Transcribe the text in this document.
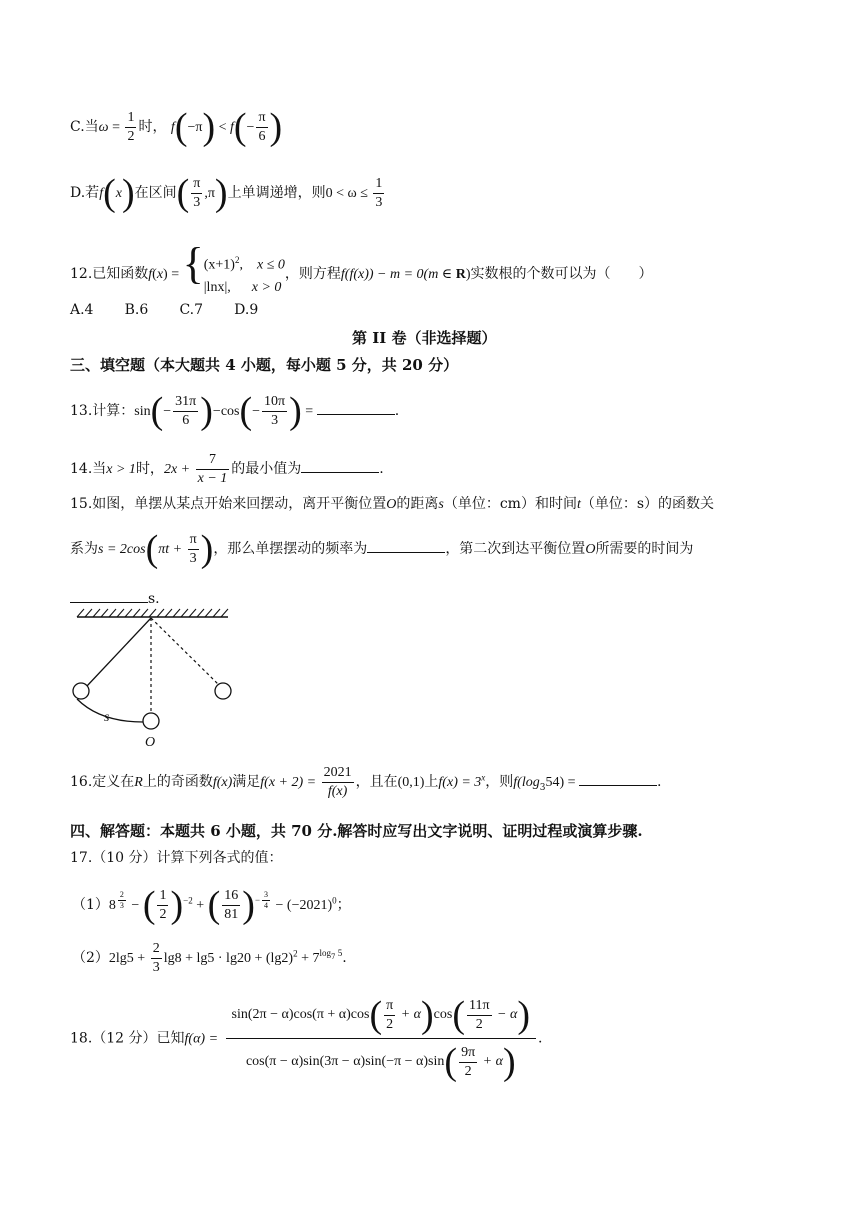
C.当$\omega = \frac{1}{2}$ 时， $f(-\pi) < f(- \frac{\pi}{6}$ )
D.若f(x)在区间( $\frac{\pi}{3} ,\pi$)上单调递增，则$0 < \omega \le \frac{1}{3}$
12.已知函数f(x) = { $(x+1)^2$,    x ≤ 0
|lnx|, x > 0
，则方程f(f(x)) − m = 0(m ∈ R)实数根的个数可以为（　　）
A.4 B.6 C.7 D.9
第 II 卷（非选择题）
三、填空题（本大题共 4 小题，每小题 5 分，共 20 分）
13.计算：$\sin(- \frac{31\pi}{6} )-\cos(- \frac{10\pi}{3}$ ) =	.
14.当x > 1时，$2x + \frac{7}{x - 1}$ 的最小值为	.
15.如图，单摆从某点开始来回摆动，离开平衡位置O的距离s（单位：cm）和时间t（单位：s）的函数关
系为$s = 2\cos(\pi t + \frac{\pi}{3}$ )，那么单摆摆动的频率为	，第二次到达平衡位置O所需要的时间为
s.
s
O
16.定义在R上的奇函数f(x)满足$f(x + 2) = \frac{2021}{f(x)}$ ，且在(0,1)上$f(x) = 3^x$，则$f(\log_354)$ =	.
四、解答题：本题共 6 小题，共 70 分.解答时应写出文字说明、证明过程或演算步骤.
17.（10 分）计算下列各式的值：
（1）8 $^{\frac{2}{3}}$ − ( $\frac{1}{2} )^{-2}$ + ( $\frac{16}{81} )^{- \frac{3}{4}} - (-2021)^0$；
$(2)2\lg 5 + \frac{2}{3} \lg 8 + \lg 5 \cdot \lg 20 + (\lg 2)^2 + 7^{log_7 5}$.
18.（12 分）已知$f(\alpha) = \frac{\sin(2\pi - \alpha)\cos(\pi + \alpha)\cos( \frac{\pi}{2} + \alpha)\cos( \frac{11\pi}{2} - \alpha)}{\cos(\pi - \alpha)\sin(3\pi - \alpha)\sin(-\pi - \alpha)\sin( \frac{9\pi}{2} + \alpha)}$ .
